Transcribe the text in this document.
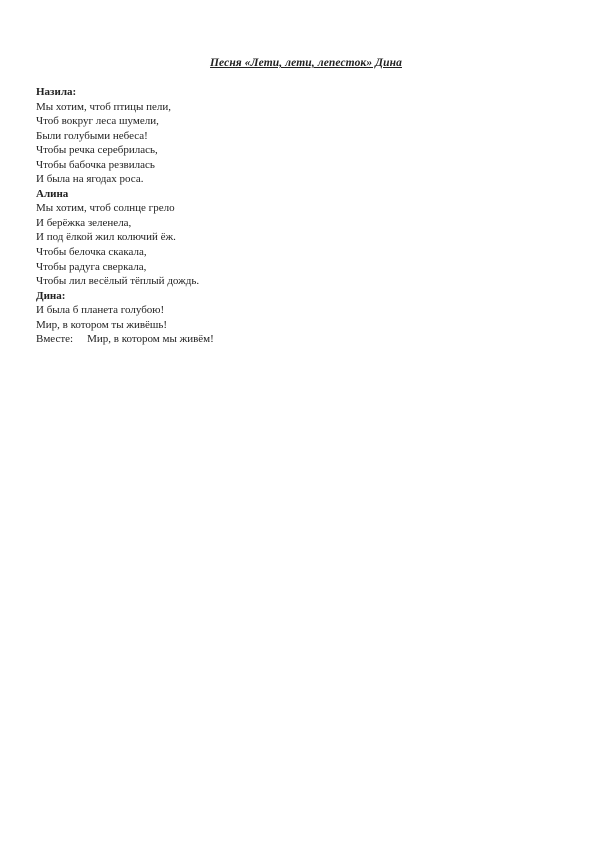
Песня «Лети, лети, лепесток» Дина
Назила:
Мы хотим, чтоб птицы пели,
Чтоб вокруг леса шумели,
Были голубыми небеса!
Чтобы речка серебрилась,
Чтобы бабочка резвилась
И была на ягодах роса.
Алина
Мы хотим, чтоб солнце грело
И берёжка зеленела,
И под ёлкой жил колючий ёж.
Чтобы белочка скакала,
Чтобы радуга сверкала,
Чтобы лил весёлый тёплый дождь.
Дина:
И была б планета голубою!
Мир, в котором ты живёшь!
Вместе: Мир, в котором мы живём!
